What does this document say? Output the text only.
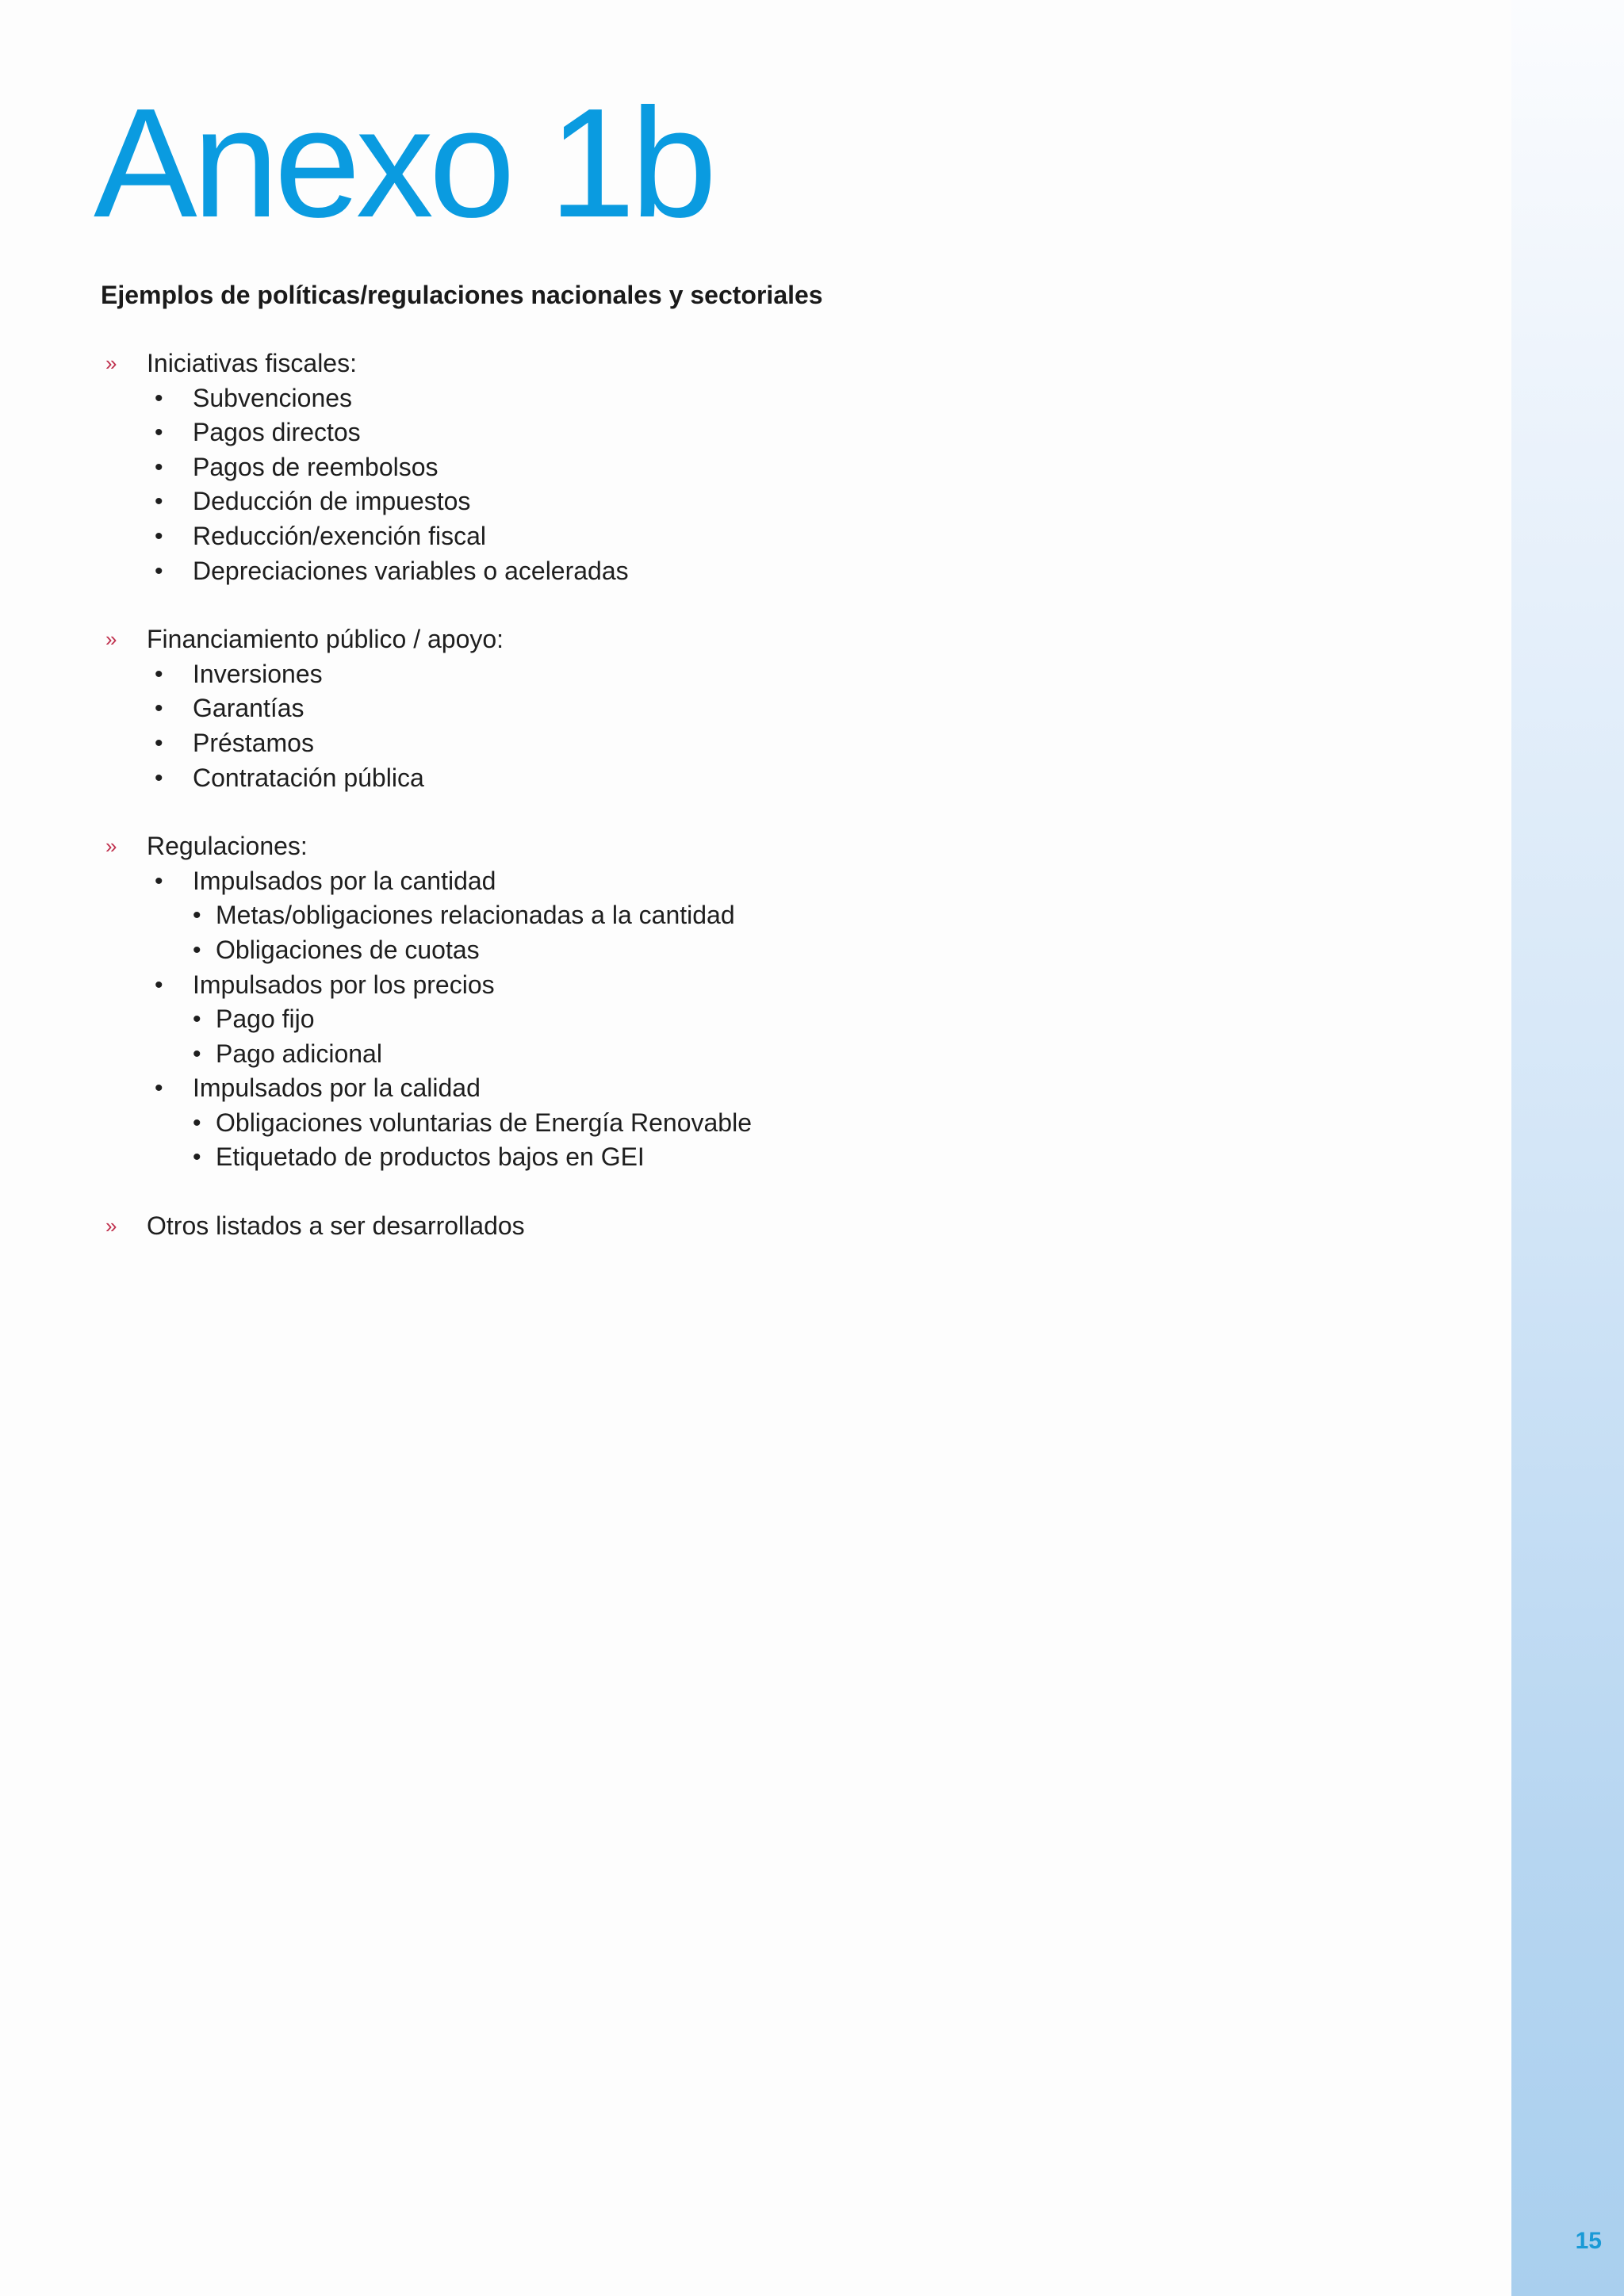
Anexo 1b
Ejemplos de políticas/regulaciones nacionales y sectoriales
» Iniciativas fiscales:
• Subvenciones
• Pagos directos
• Pagos de reembolsos
• Deducción de impuestos
• Reducción/exención fiscal
• Depreciaciones variables o aceleradas
» Financiamiento público / apoyo:
• Inversiones
• Garantías
• Préstamos
• Contratación pública
» Regulaciones:
• Impulsados por la cantidad
• Metas/obligaciones relacionadas a la cantidad
• Obligaciones de cuotas
• Impulsados por los precios
• Pago fijo
• Pago adicional
• Impulsados por la calidad
• Obligaciones voluntarias de Energía Renovable
• Etiquetado de productos bajos en GEI
» Otros listados a ser desarrollados
15
